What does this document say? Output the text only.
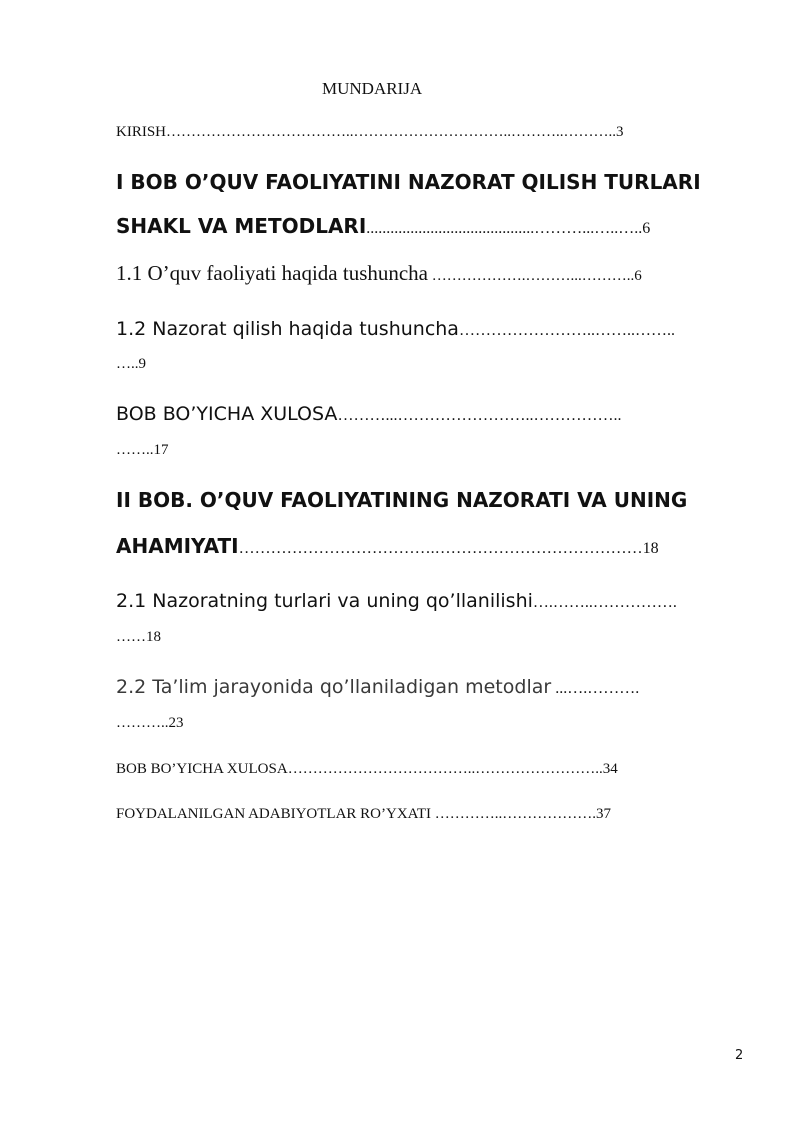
MUNDARIJA
KIRISH………………………………..…………………………..………..………..3
I BOB O’QUV FAOLIYATINI NAZORAT QILISH TURLARI
SHAKL VA METODLARI..........................................………...…..…..6
1.1 O’quv faoliyati haqida tushuncha ……………….………...………..6
1.2 Nazorat qilish haqida tushuncha……………………..……..……..
…..9
BOB BO’YICHA XULOSA………...……………………..……………..
……..17
II BOB. O’QUV FAOLIYATINING NAZORATI VA UNING
AHAMIYATI……………………………….…………………………………18
2.1 Nazoratning turlari va uning qo’llanilishi….……..…………….
……18
2.2 Ta’lim jarayonida qo’llaniladigan metodlar ...….……….
………..23
BOB BO’YICHA XULOSA………………………………..……………………..34
FOYDALANILGAN ADABIYOTLAR RO’YXATI …………..……………….37
2
